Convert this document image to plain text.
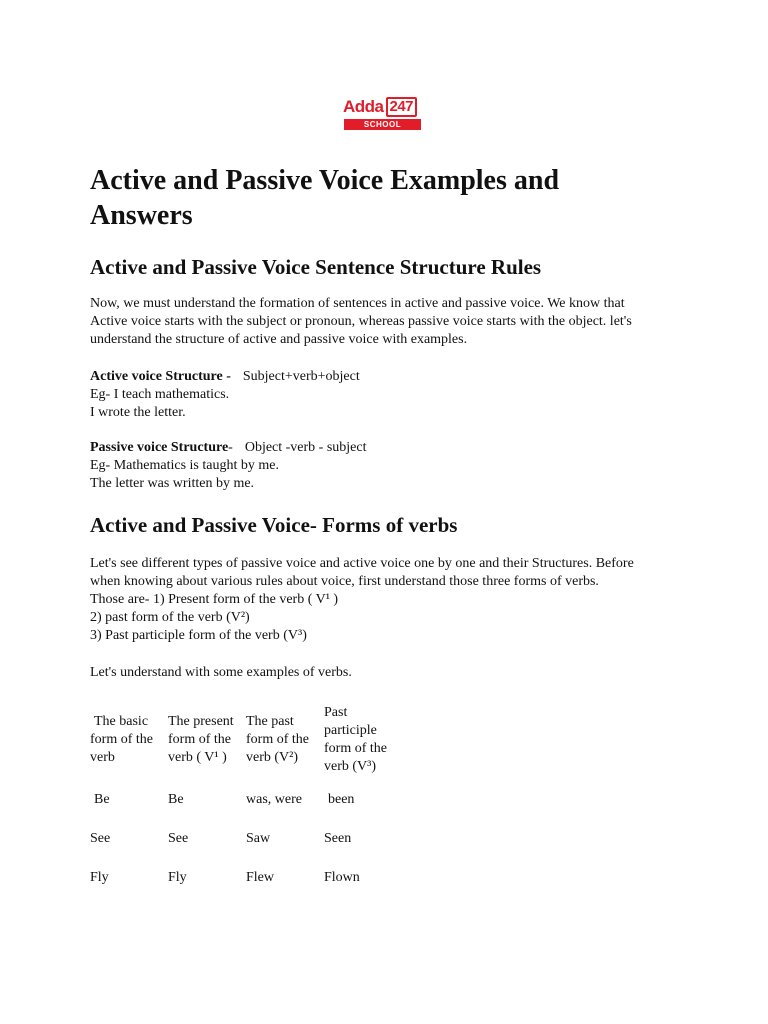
Adda 247
SCHOOL
Active and Passive Voice Examples and Answers
Active and Passive Voice Sentence Structure Rules

Now, we must understand the formation of sentences in active and passive voice. We know that
Active voice starts with the subject or pronoun, whereas passive voice starts with the object. let's
understand the structure of active and passive voice with examples.

Active voice Structure - Subject+verb+object
Eg- I teach mathematics.
I wrote the letter.

Passive voice Structure- Object -verb - subject
Eg- Mathematics is taught by me.
The letter was written by me.

Active and Passive Voice- Forms of verbs

Let's see different types of passive voice and active voice one by one and their Structures. Before
when knowing about various rules about voice, first understand those three forms of verbs.
Those are- 1) Present form of the verb ( V¹ )
2) past form of the verb (V²)
3) Past participle form of the verb (V³)

Let's understand with some examples of verbs.

The basic
form of the
verb	The present
form of the
verb ( V¹ )	The past
form of the
verb (V²)	Past
participle
form of the
verb (V³)

Be	Be	was, were	been
See	See	Saw	Seen
Fly	Fly	Flew	Flown
